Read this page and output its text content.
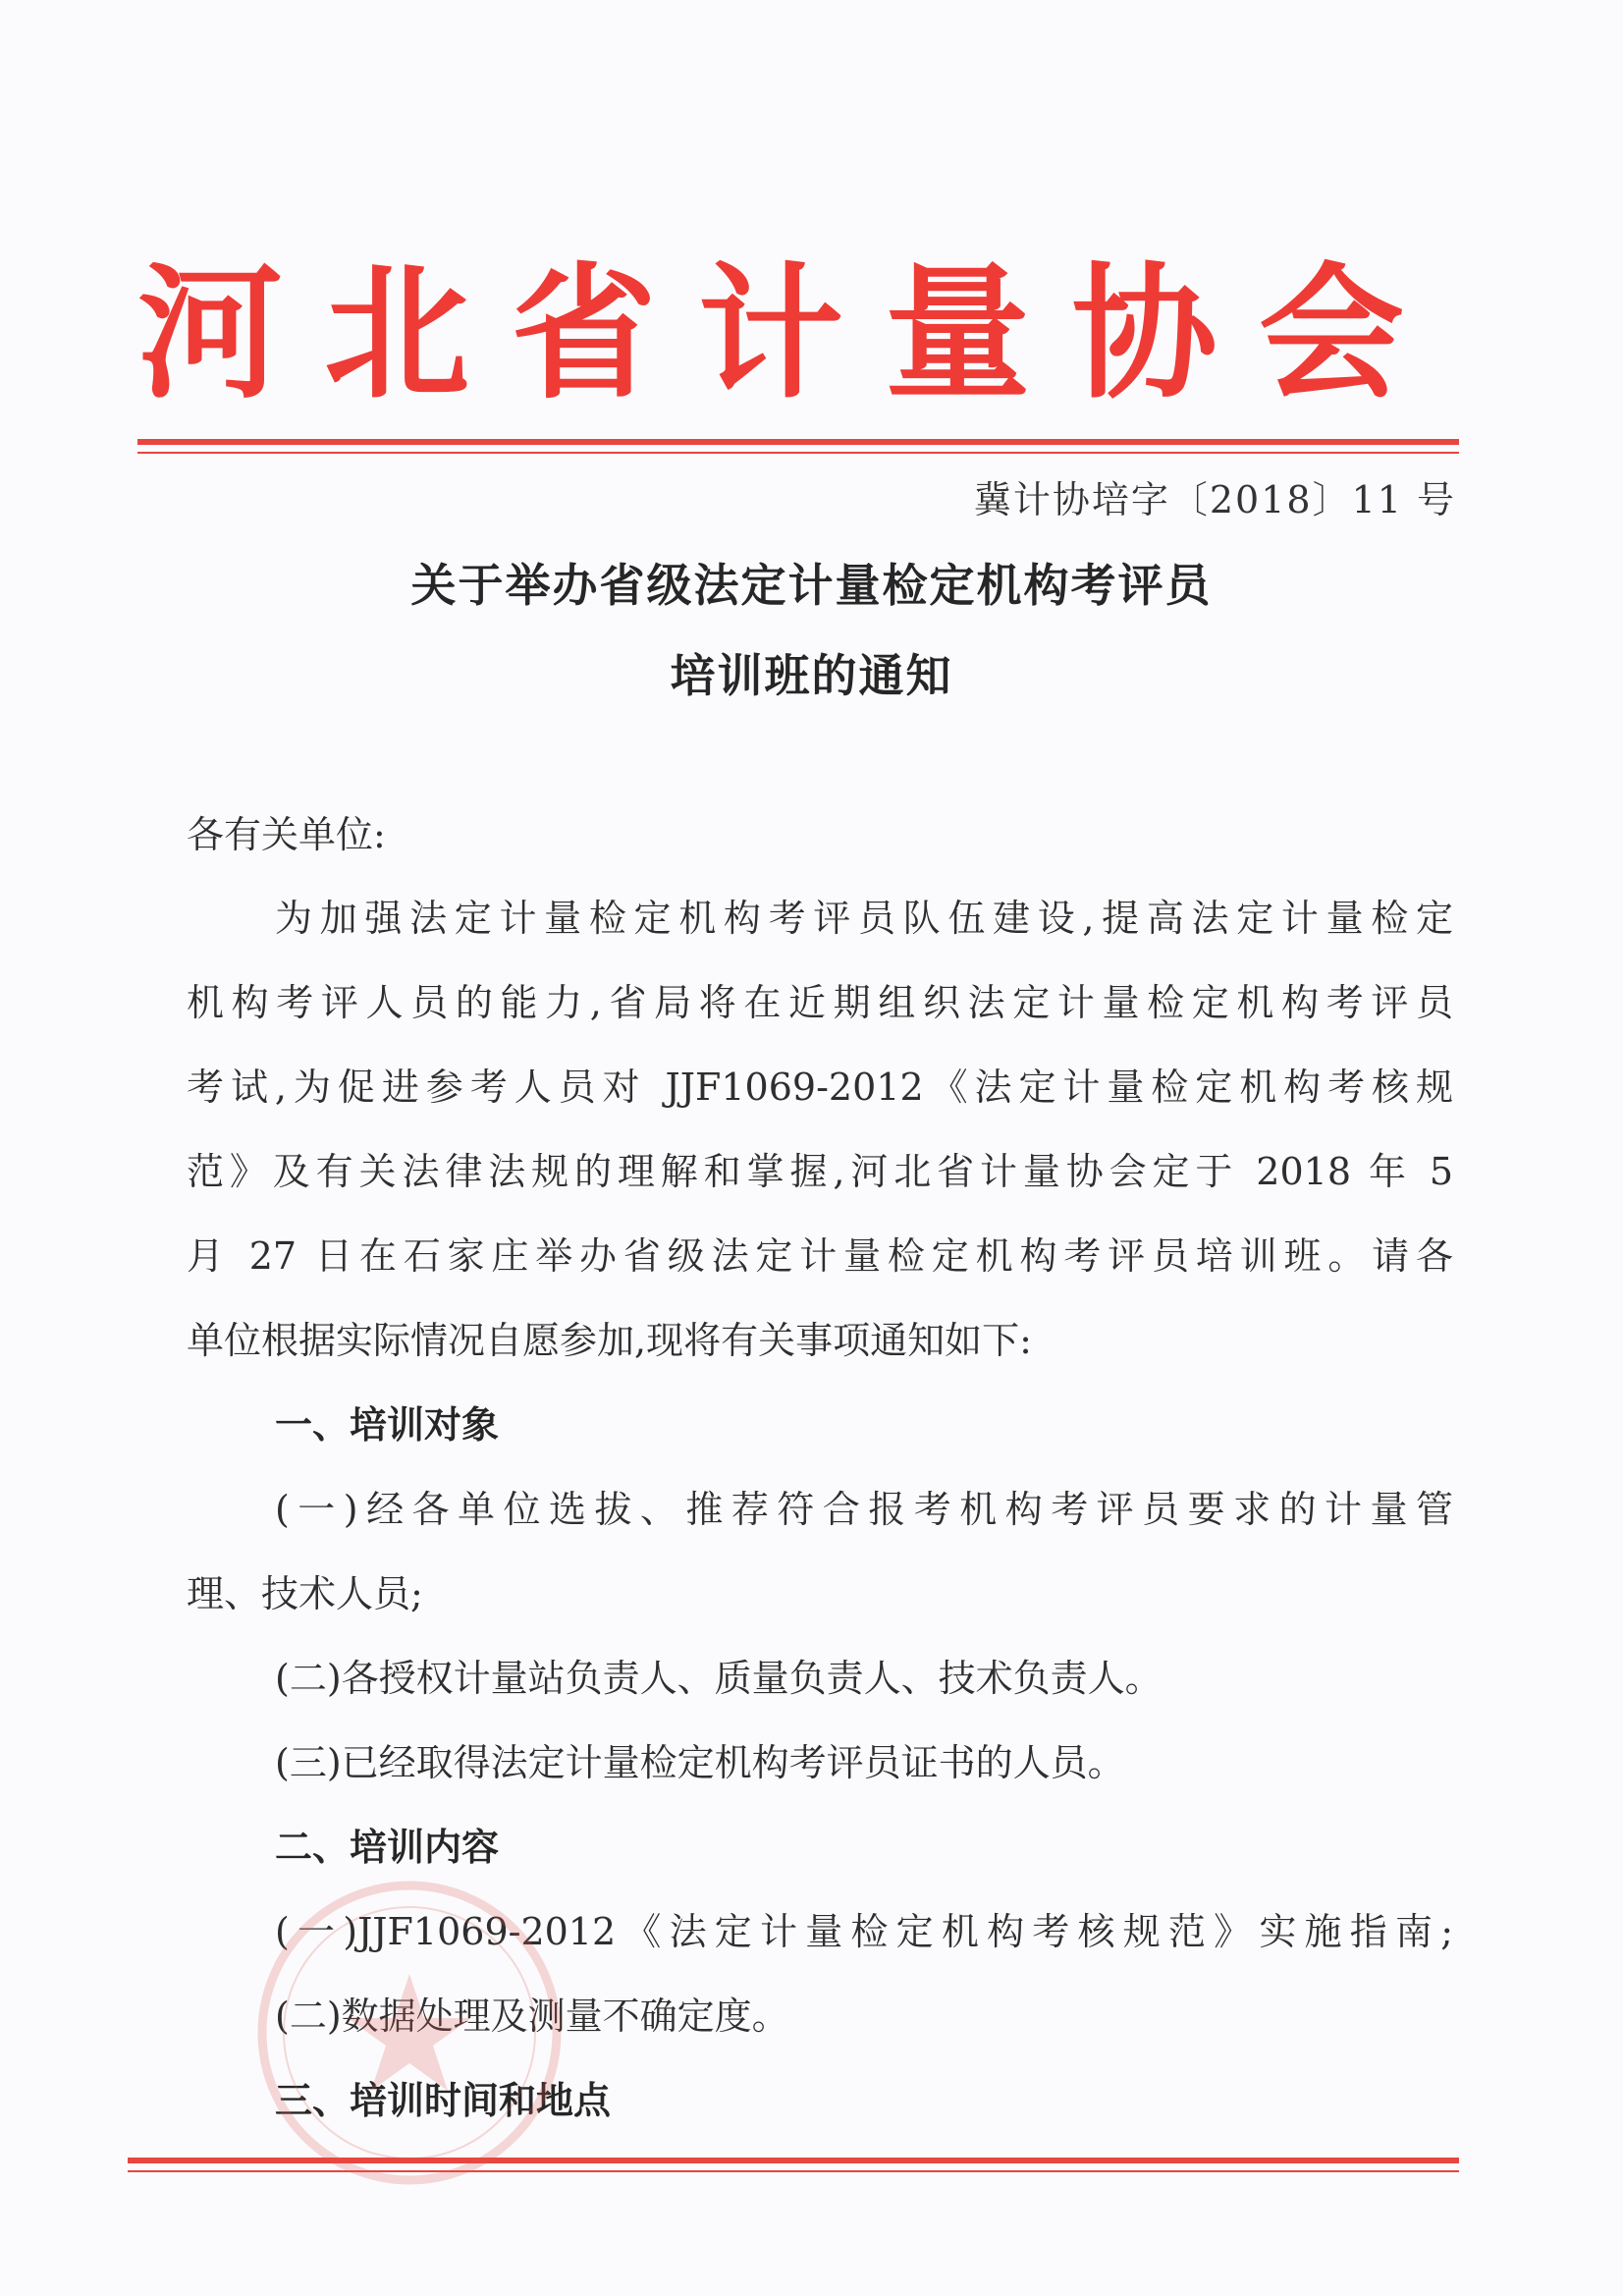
河 北 省 计 量 协 会
冀计协培字〔2018〕11 号
关于举办省级法定计量检定机构考评员
培训班的通知
各有关单位:
为加强法定计量检定机构考评员队伍建设,提高法定计量检定
机构考评人员的能力,省局将在近期组织法定计量检定机构考评员
考试,为促进参考人员对 JJF1069-2012《法定计量检定机构考核规
范》及有关法律法规的理解和掌握,河北省计量协会定于 2018 年 5
月 27 日在石家庄举办省级法定计量检定机构考评员培训班。请各
单位根据实际情况自愿参加,现将有关事项通知如下:
一、培训对象
(一)经各单位选拔、推荐符合报考机构考评员要求的计量管
理、技术人员;
(二)各授权计量站负责人、质量负责人、技术负责人。
(三)已经取得法定计量检定机构考评员证书的人员。
二、培训内容
(一)JJF1069-2012《法定计量检定机构考核规范》实施指南;
(二)数据处理及测量不确定度。
三、培训时间和地点
